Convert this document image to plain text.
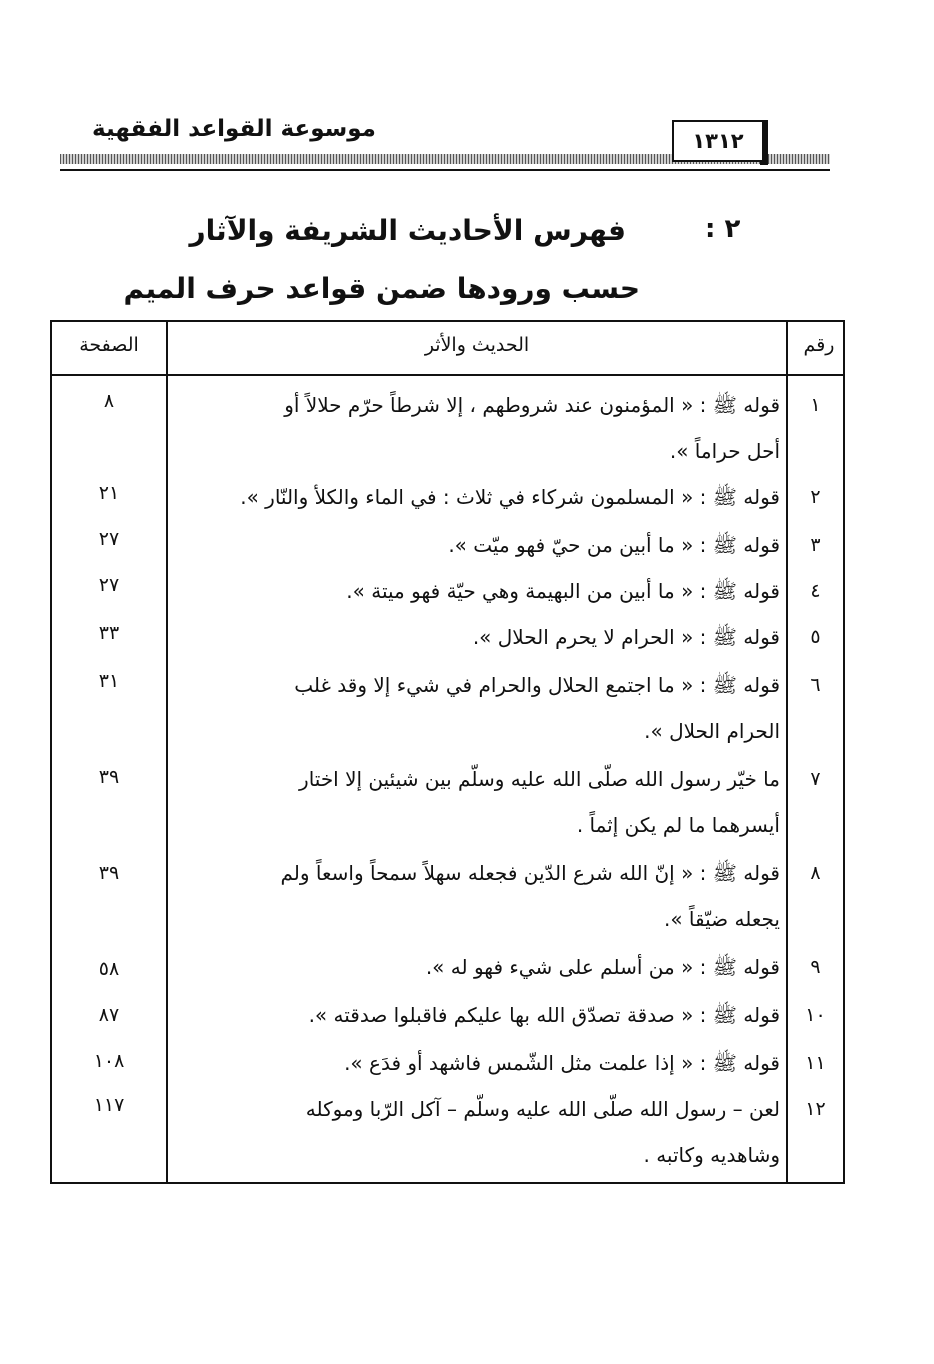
موسوعة القواعد الفقهية	١٣١٢
٢ :
فهرس الأحاديث الشريفة والآثار
حسب ورودها ضمن قواعد حرف الميم
رقم
الحديث والأثر
الصفحة
١
قوله ﷺ : « المؤمنون عند شروطهم ، إلا شرطاً حرّم حلالاً أو
أحل حراماً ».
٨
٢
قوله ﷺ : « المسلمون شركاء في ثلاث : في الماء والكلأ والنّار ».
٢١
٣
قوله ﷺ : « ما أبين من حيّ فهو ميّت ».
٢٧
٤
قوله ﷺ : « ما أبين من البهيمة وهي حيّة فهو ميتة ».
٢٧
٥
قوله ﷺ : « الحرام لا يحرم الحلال ».
٣٣
٦
قوله ﷺ : « ما اجتمع الحلال والحرام في شيء إلا وقد غلب
الحرام الحلال ».
٣١
٧
ما خيّر رسول الله صلّى الله عليه وسلّم بين شيئين إلا اختار
أيسرهما ما لم يكن إثماً .
٣٩
٨
قوله ﷺ : « إنّ الله شرع الدّين فجعله سهلاً سمحاً واسعاً ولم
يجعله ضيّقاً ».
٣٩
٩
قوله ﷺ : « من أسلم على شيء فهو له ».
٥٨
١٠
قوله ﷺ : « صدقة تصدّق الله بها عليكم فاقبلوا صدقته ».
٨٧
١١
قوله ﷺ : « إذا علمت مثل الشّمس فاشهد أو فدَع ».
١٠٨
١٢
لعن – رسول الله صلّى الله عليه وسلّم – آكل الرّبا وموكله
وشاهديه وكاتبه .
١١٧
